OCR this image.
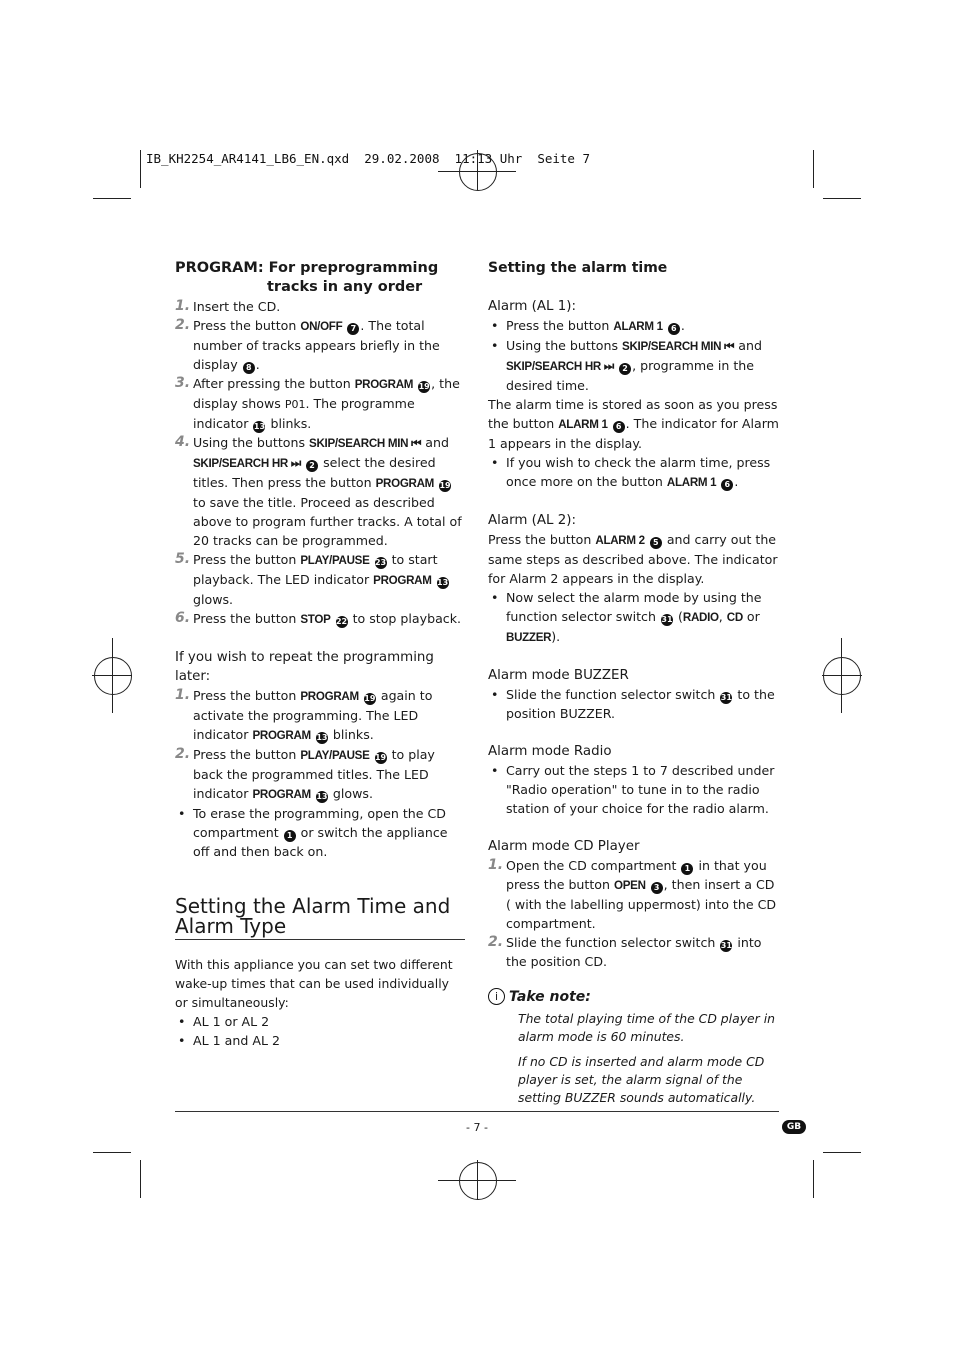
IB_KH2254_AR4141_LB6_EN.qxd  29.02.2008  11:13 Uhr  Seite 7
PROGRAM: For preprogramming
tracks in any order
1. Insert the CD.
2. Press the button ON/OFF 7 . The total number of tracks appears briefly in the display 8 .
3. After pressing the button PROGRAM 19, the display shows P01. The programme indicator 13 blinks.
4. Using the buttons SKIP/SEARCH MIN ⏮ and SKIP/SEARCH HR ⏭ 2 select the desired titles. Then press the button PROGRAM 19 to save the title. Proceed as described above to program further tracks. A total of 20 tracks can be programmed.
5. Press the button PLAY/PAUSE 23 to start playback. The LED indicator PROGRAM 13 glows.
6. Press the button STOP 22 to stop playback.
If you wish to repeat the programming later:
1. Press the button PROGRAM 19 again to activate the programming. The LED indicator PROGRAM 13 blinks.
2. Press the button PLAY/PAUSE 19 to play back the programmed titles. The LED indicator PROGRAM 13 glows.
• To erase the programming, open the CD compartment 1 or switch the appliance off and then back on.
Setting the Alarm Time and
Alarm Type
With this appliance you can set two different wake-up times that can be used individually or simultaneously:
• AL 1 or AL 2
• AL 1 and AL 2
Setting the alarm time
Alarm (AL 1):
• Press the button ALARM 1 6 .
• Using the buttons SKIP/SEARCH MIN ⏮ and SKIP/SEARCH HR ⏭ 2 , programme in the desired time.
The alarm time is stored as soon as you press the button ALARM 1 6 . The indicator for Alarm 1 appears in the display.
• If you wish to check the alarm time, press once more on the button ALARM 1 6 .
Alarm (AL 2):
Press the button ALARM 2 5 and carry out the same steps as described above. The indicator for Alarm 2 appears in the display.
• Now select the alarm mode by using the function selector switch 31 (RADIO, CD or BUZZER).
Alarm mode BUZZER
• Slide the function selector switch 31 to the position BUZZER.
Alarm mode Radio
• Carry out the steps 1 to 7 described under "Radio operation" to tune in to the radio station of your choice for the radio alarm.
Alarm mode CD Player
1. Open the CD compartment 1 in that you press the button OPEN 3 , then insert a CD ( with the labelling uppermost) into the CD compartment.
2. Slide the function selector switch 31 into the position CD.
i Take note:
The total playing time of the CD player in alarm mode is 60 minutes.
If no CD is inserted and alarm mode CD player is set, the alarm signal of the setting BUZZER sounds automatically.
- 7 -	GB
